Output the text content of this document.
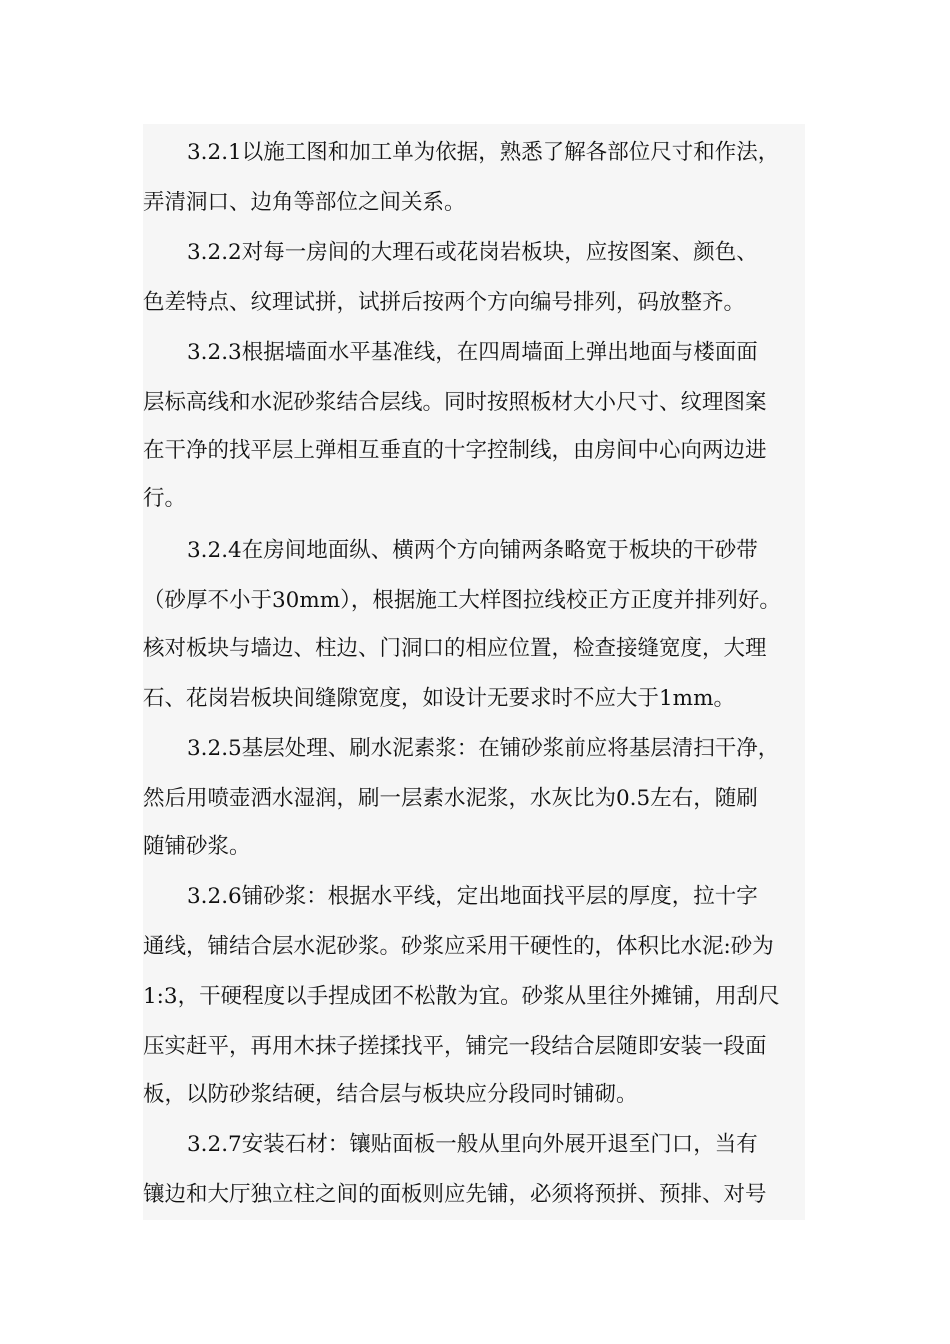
3.2.1以施工图和加工单为依据，熟悉了解各部位尺寸和作法，
弄清洞口、边角等部位之间关系。
3.2.2对每一房间的大理石或花岗岩板块，应按图案、颜色、
色差特点、纹理试拼，试拼后按两个方向编号排列，码放整齐。
3.2.3根据墙面水平基准线，在四周墙面上弹出地面与楼面面
层标高线和水泥砂浆结合层线。同时按照板材大小尺寸、纹理图案
在干净的找平层上弹相互垂直的十字控制线，由房间中心向两边进
行。
3.2.4在房间地面纵、横两个方向铺两条略宽于板块的干砂带
（砂厚不小于30mm），根据施工大样图拉线校正方正度并排列好。
核对板块与墙边、柱边、门洞口的相应位置，检查接缝宽度，大理
石、花岗岩板块间缝隙宽度，如设计无要求时不应大于1mm。
3.2.5基层处理、刷水泥素浆：在铺砂浆前应将基层清扫干净，
然后用喷壶洒水湿润，刷一层素水泥浆，水灰比为0.5左右，随刷
随铺砂浆。
3.2.6铺砂浆：根据水平线，定出地面找平层的厚度，拉十字
通线，铺结合层水泥砂浆。砂浆应采用干硬性的，体积比水泥:砂为
1:3，干硬程度以手捏成团不松散为宜。砂浆从里往外摊铺，用刮尺
压实赶平，再用木抹子搓揉找平，铺完一段结合层随即安装一段面
板，以防砂浆结硬，结合层与板块应分段同时铺砌。
3.2.7安装石材：镶贴面板一般从里向外展开退至门口，当有
镶边和大厅独立柱之间的面板则应先铺，必须将预拼、预排、对号
